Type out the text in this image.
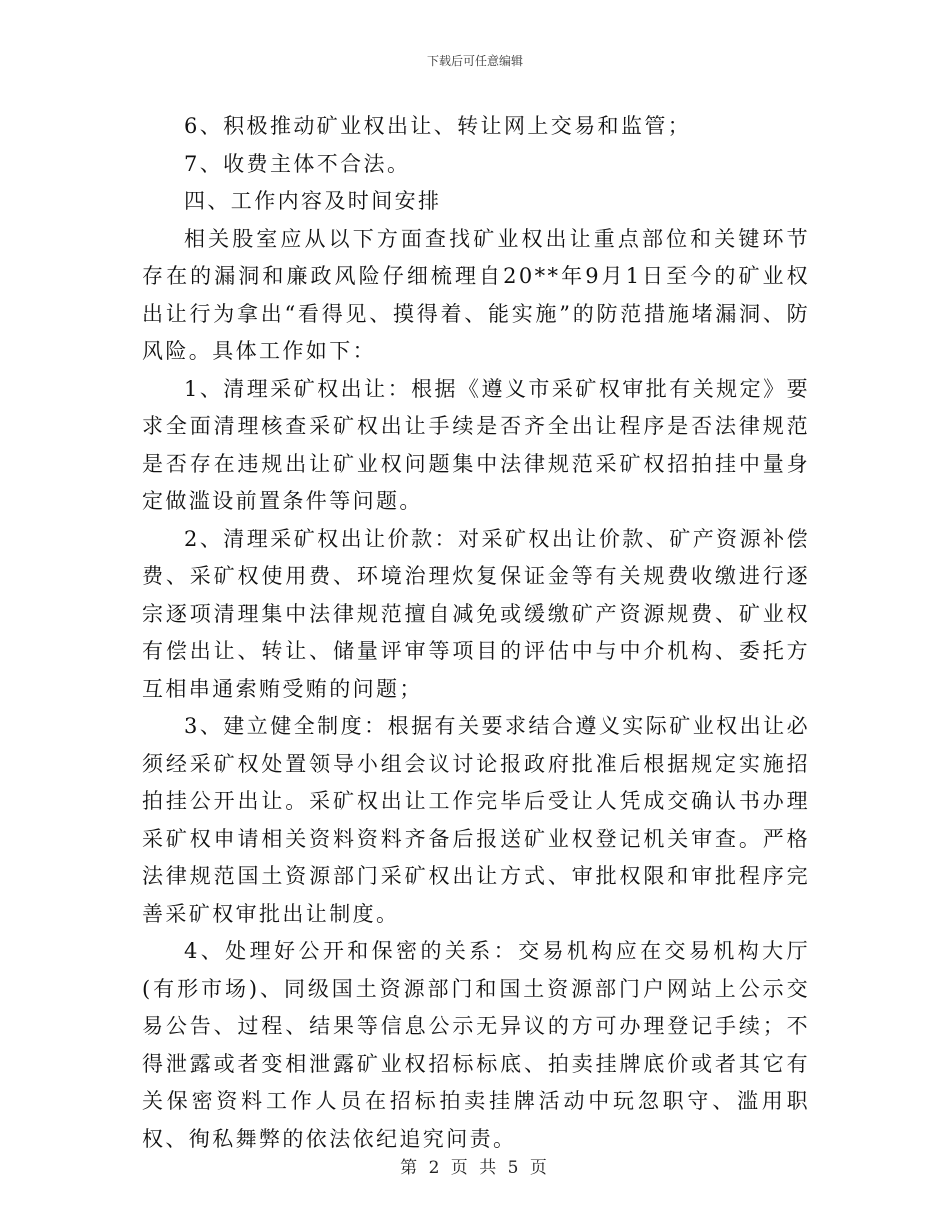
下载后可任意编辑

6、积极推动矿业权出让、转让网上交易和监管；

7、收费主体不合法。

四、工作内容及时间安排

相关股室应从以下方面查找矿业权出让重点部位和关键环节存在的漏洞和廉政风险仔细梳理自20**年9月1日至今的矿业权出让行为拿出“看得见、摸得着、能实施”的防范措施堵漏洞、防风险。具体工作如下：

1、清理采矿权出让：根据《遵义市采矿权审批有关规定》要求全面清理核查采矿权出让手续是否齐全出让程序是否法律规范是否存在违规出让矿业权问题集中法律规范采矿权招拍挂中量身定做滥设前置条件等问题。

2、清理采矿权出让价款：对采矿权出让价款、矿产资源补偿费、采矿权使用费、环境治理炊复保证金等有关规费收缴进行逐宗逐项清理集中法律规范擅自减免或缓缴矿产资源规费、矿业权有偿出让、转让、储量评审等项目的评估中与中介机构、委托方互相串通索贿受贿的问题；

3、建立健全制度：根据有关要求结合遵义实际矿业权出让必须经采矿权处置领导小组会议讨论报政府批准后根据规定实施招拍挂公开出让。采矿权出让工作完毕后受让人凭成交确认书办理采矿权申请相关资料资料齐备后报送矿业权登记机关审查。严格法律规范国土资源部门采矿权出让方式、审批权限和审批程序完善采矿权审批出让制度。

4、处理好公开和保密的关系：交易机构应在交易机构大厅(有形市场)、同级国土资源部门和国土资源部门户网站上公示交易公告、过程、结果等信息公示无异议的方可办理登记手续；不得泄露或者变相泄露矿业权招标标底、拍卖挂牌底价或者其它有关保密资料工作人员在招标拍卖挂牌活动中玩忽职守、滥用职权、徇私舞弊的依法依纪追究问责。

第 2 页 共 5 页
